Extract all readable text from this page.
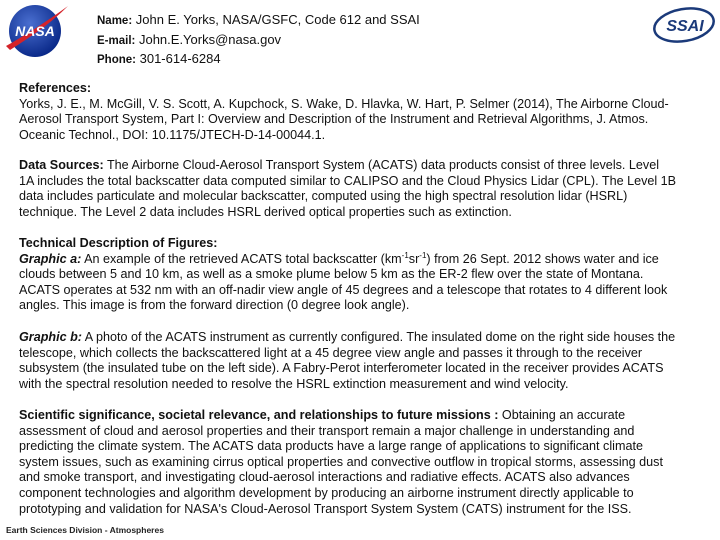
NASA	SSAI
Name: John E. Yorks, NASA/GSFC, Code 612 and SSAI
E-mail: John.E.Yorks@nasa.gov
Phone: 301-614-6284
References:
Yorks, J. E., M. McGill, V. S. Scott, A. Kupchock, S. Wake, D. Hlavka, W. Hart, P. Selmer (2014), The Airborne Cloud-
Aerosol Transport System, Part I: Overview and Description of the Instrument and Retrieval Algorithms, J. Atmos.
Oceanic Technol., DOI: 10.1175/JTECH-D-14-00044.1.
Data Sources: The Airborne Cloud-Aerosol Transport System (ACATS) data products consist of three levels. Level
1A includes the total backscatter data computed similar to CALIPSO and the Cloud Physics Lidar (CPL). The Level 1B
data includes particulate and molecular backscatter, computed using the high spectral resolution lidar (HSRL)
technique. The Level 2 data includes HSRL derived optical properties such as extinction.
Technical Description of Figures:
Graphic a: An example of the retrieved ACATS total backscatter $(km^{-1}sr^{-1})$ from 26 Sept. 2012 shows water and ice
clouds between 5 and 10 km, as well as a smoke plume below 5 km as the ER-2 flew over the state of Montana.
ACATS operates at 532 nm with an off-nadir view angle of 45 degrees and a telescope that rotates to 4 different look
angles. This image is from the forward direction (0 degree look angle).
Graphic b: A photo of the ACATS instrument as currently configured. The insulated dome on the right side houses the
telescope, which collects the backscattered light at a 45 degree view angle and passes it through to the receiver
subsystem (the insulated tube on the left side). A Fabry-Perot interferometer located in the receiver provides ACATS
with the spectral resolution needed to resolve the HSRL extinction measurement and wind velocity.
Scientific significance, societal relevance, and relationships to future missions : Obtaining an accurate
assessment of cloud and aerosol properties and their transport remain a major challenge in understanding and
predicting the climate system. The ACATS data products have a large range of applications to significant climate
system issues, such as examining cirrus optical properties and convective outflow in tropical storms, assessing dust
and smoke transport, and investigating cloud-aerosol interactions and radiative effects. ACATS also advances
component technologies and algorithm development by producing an airborne instrument directly applicable to
prototyping and validation for NASA's Cloud-Aerosol Transport System System (CATS) instrument for the ISS.
Earth Sciences Division - Atmospheres
